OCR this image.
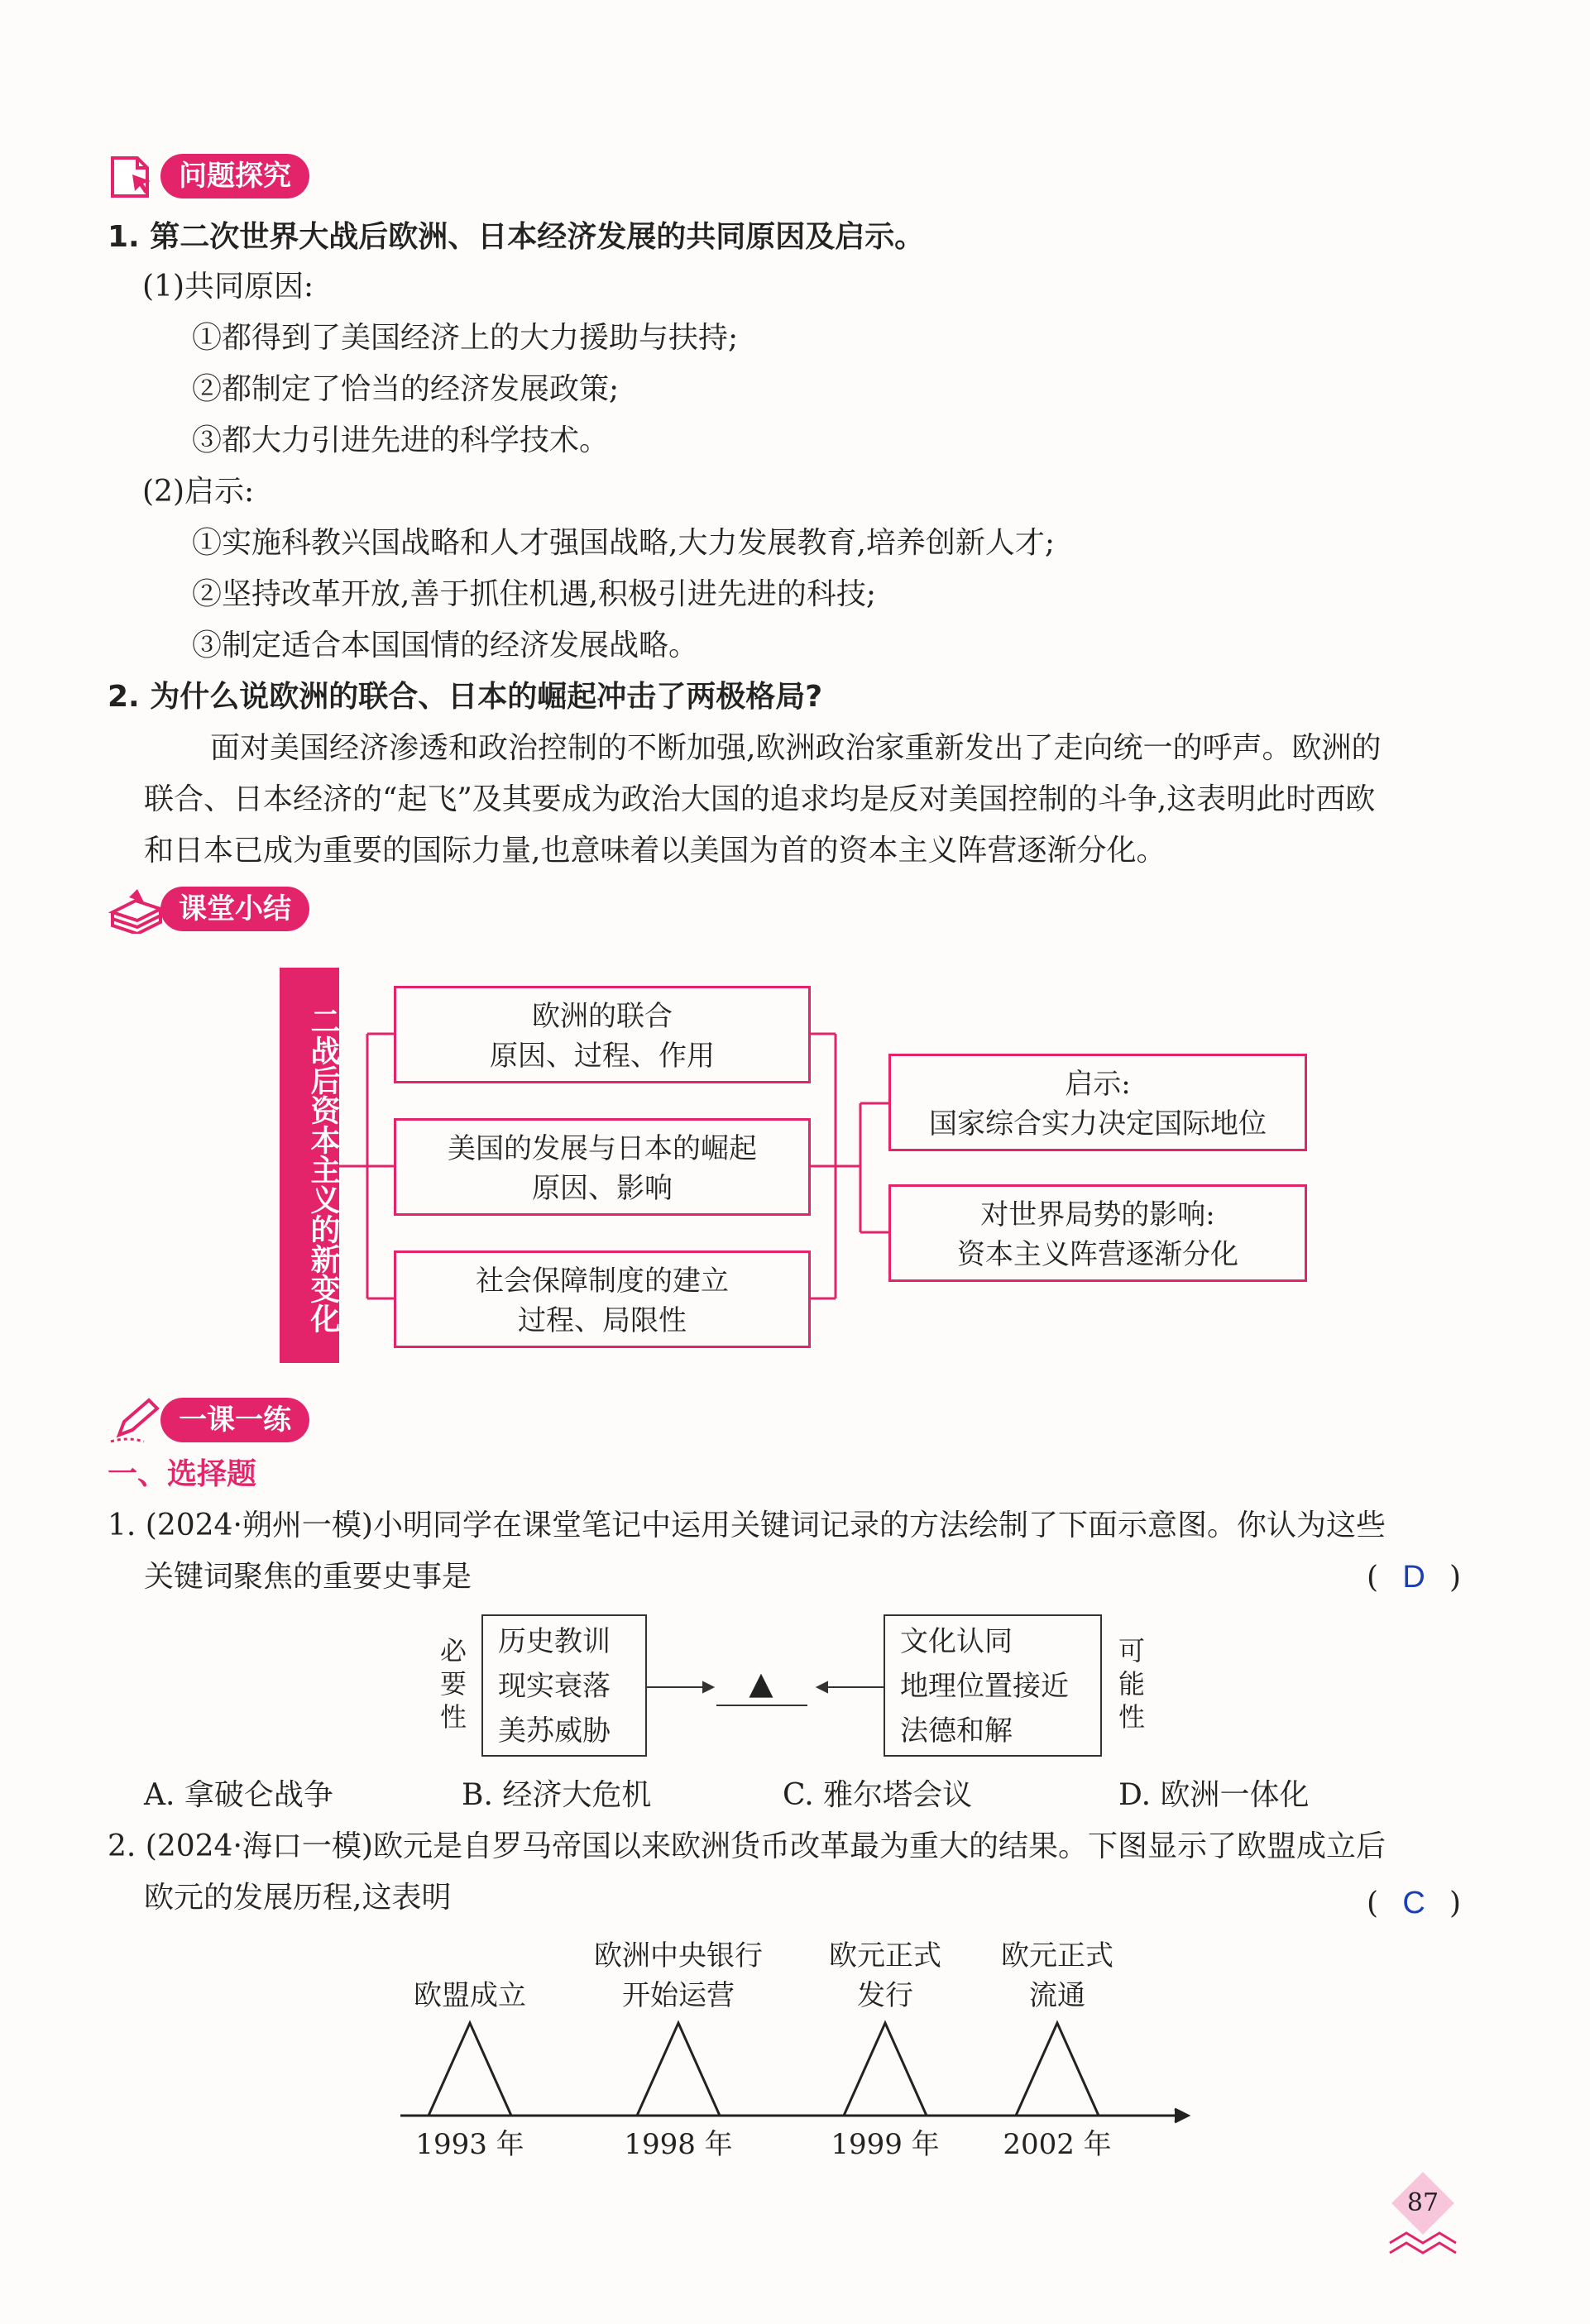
问题探究
1. 第二次世界大战后欧洲、日本经济发展的共同原因及启示。
(1)共同原因:
①都得到了美国经济上的大力援助与扶持;
②都制定了恰当的经济发展政策;
③都大力引进先进的科学技术。
(2)启示:
①实施科教兴国战略和人才强国战略,大力发展教育,培养创新人才;
②坚持改革开放,善于抓住机遇,积极引进先进的科技;
③制定适合本国国情的经济发展战略。
2. 为什么说欧洲的联合、日本的崛起冲击了两极格局?
面对美国经济渗透和政治控制的不断加强,欧洲政治家重新发出了走向统一的呼声。欧洲的
联合、日本经济的“起飞”及其要成为政治大国的追求均是反对美国控制的斗争,这表明此时西欧
和日本已成为重要的国际力量,也意味着以美国为首的资本主义阵营逐渐分化。
课堂小结
二战后资本主义的新变化	欧洲的联合
原因、过程、作用
美国的发展与日本的崛起
原因、影响
社会保障制度的建立
过程、局限性
启示:
国家综合实力决定国际地位
对世界局势的影响:
资本主义阵营逐渐分化
一课一练
一、选择题
1. (2024·朔州一模)小明同学在课堂笔记中运用关键词记录的方法绘制了下面示意图。你认为这些
关键词聚焦的重要史事是	( D )
必要性
历史教训
现实衰落
美苏威胁
▲
文化认同
地理位置接近
法德和解
可能性
A. 拿破仑战争	B. 经济大危机	C. 雅尔塔会议	D. 欧洲一体化
2. (2024·海口一模)欧元是自罗马帝国以来欧洲货币改革最为重大的结果。下图显示了欧盟成立后
欧元的发展历程,这表明	( C )
欧洲中央银行	欧元正式	欧元正式
欧盟成立	开始运营	发行	流通
1993 年	1998 年	1999 年	2002 年
87
